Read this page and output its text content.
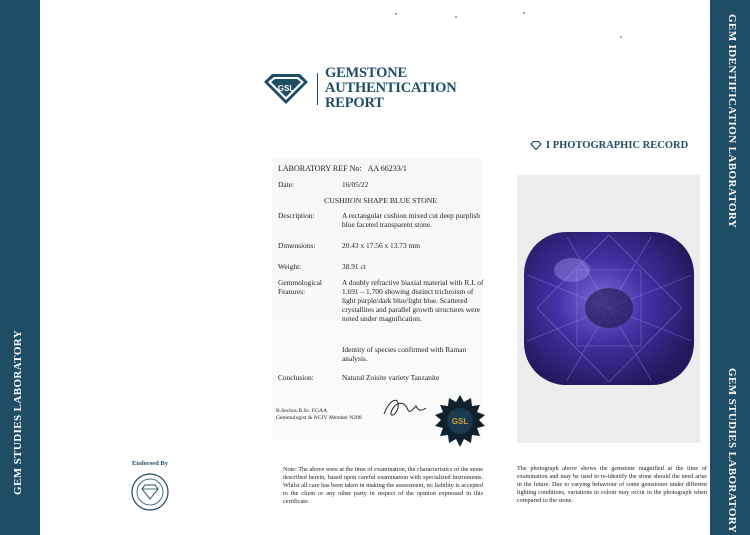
GEM STUDIES LABORATORY
GEM IDENTIFICATION LABORATORY
GEM STUDIES LABORATORY
GSL
GEMSTONE AUTHENTICATION
REPORT
LABORATORY REF No: AA 66233/1
Date:	16/05/22
CUSHIION SHAPE BLUE STONE
Description:	A rectangular cushion mixed cut deep purplish blue faceted transparent stone.
Dimensions:	20.43 x 17.56 x 13.73 mm
Weight:	38.91 ct
Gemmological Features:
A doubly refractive biaxial material with R.I. of 1.691 – 1.700 showing distinct trichroism of light purple/dark blue/light blue. Scattered crystallites and parallel growth structures were noted under magnification.
Identity of species confirmed with Raman analysis.
Conclusion:	Natural Zoisite variety Tanzanite
B.Sechos B.Sc. FGAA
Gemmologist & NCJV Member N208	GSL
Note: The above were at the time of examination, the characteristics of the stone described herein, based upon careful examination with specialized instruments. Whilst all care has been taken in making the assessment, no liability is accepted to the client or any other party in respect of the opinion expressed in this certificate.
I PHOTOGRAPHIC RECORD
The photograph above shows the gemstone magnified at the time of examination and may be used to re-identify the stone should the need arise in the future. Due to varying behaviour of some gemstones under different lighting conditions, variations in colour may occur in the photograph when compared to the stone.
Endorsed By
